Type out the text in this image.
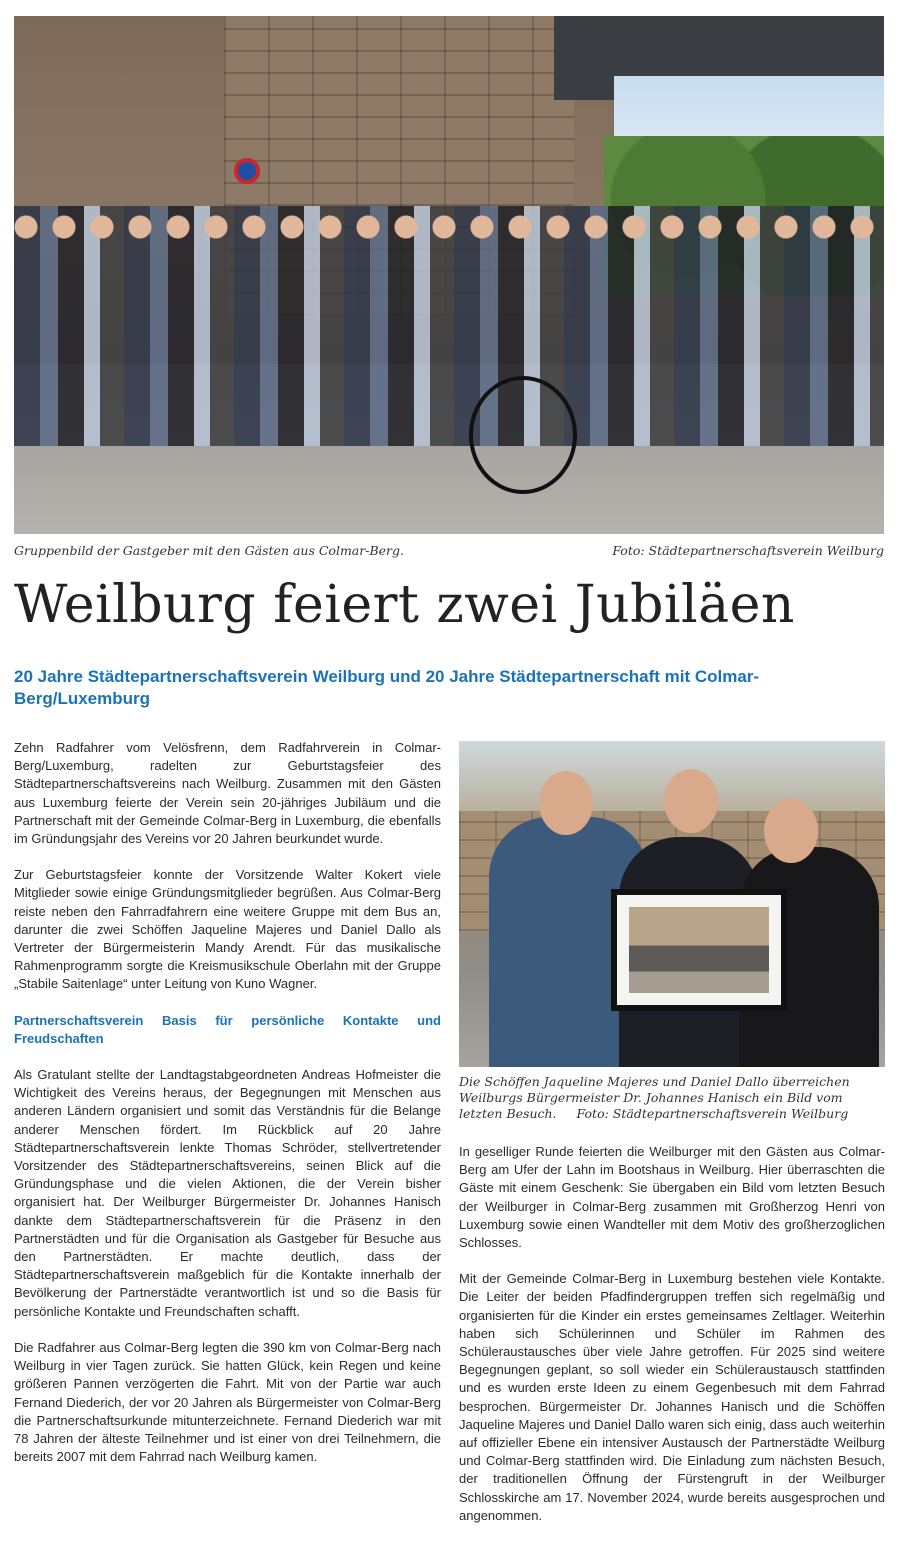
Gruppenbild der Gastgeber mit den Gästen aus Colmar-Berg.	Foto: Städtepartnerschaftsverein Weilburg
Weilburg feiert zwei Jubiläen
20 Jahre Städtepartnerschaftsverein Weilburg und 20 Jahre Städtepartnerschaft mit Colmar-Berg/Luxemburg

Zehn Radfahrer vom Velösfrenn, dem Radfahrverein in Colmar-Berg/Luxemburg, radelten zur Geburtstagsfeier des Städtepartnerschaftsvereins nach Weilburg. Zusammen mit den Gästen aus Luxemburg feierte der Verein sein 20-jähriges Jubiläum und die Partnerschaft mit der Gemeinde Colmar-Berg in Luxemburg, die ebenfalls im Gründungsjahr des Vereins vor 20 Jahren beurkundet wurde.

Zur Geburtstagsfeier konnte der Vorsitzende Walter Kokert viele Mitglieder sowie einige Gründungsmitglieder begrüßen. Aus Colmar-Berg reiste neben den Fahrradfahrern eine weitere Gruppe mit dem Bus an, darunter die zwei Schöffen Jaqueline Majeres und Daniel Dallo als Vertreter der Bürgermeisterin Mandy Arendt. Für das musikalische Rahmenprogramm sorgte die Kreismusikschule Oberlahn mit der Gruppe „Stabile Saitenlage“ unter Leitung von Kuno Wagner.

Partnerschaftsverein Basis für persönliche Kontakte und Freudschaften

Als Gratulant stellte der Landtagstabgeordneten Andreas Hofmeister die Wichtigkeit des Vereins heraus, der Begegnungen mit Menschen aus anderen Ländern organisiert und somit das Verständnis für die Belange anderer Menschen fördert. Im Rückblick auf 20 Jahre Städtepartnerschaftsverein lenkte Thomas Schröder, stellvertretender Vorsitzender des Städtepartnerschaftsvereins, seinen Blick auf die Gründungsphase und die vielen Aktionen, die der Verein bisher organisiert hat. Der Weilburger Bürgermeister Dr. Johannes Hanisch dankte dem Städtepartnerschaftsverein für die Präsenz in den Partnerstädten und für die Organisation als Gastgeber für Besuche aus den Partnerstädten. Er machte deutlich, dass der Städtepartnerschaftsverein maßgeblich für die Kontakte innerhalb der Bevölkerung der Partnerstädte verantwortlich ist und so die Basis für persönliche Kontakte und Freundschaften schafft.

Die Radfahrer aus Colmar-Berg legten die 390 km von Colmar-Berg nach Weilburg in vier Tagen zurück. Sie hatten Glück, kein Regen und keine größeren Pannen verzögerten die Fahrt. Mit von der Partie war auch Fernand Diederich, der vor 20 Jahren als Bürgermeister von Colmar-Berg die Partnerschaftsurkunde mitunterzeichnete. Fernand Diederich war mit 78 Jahren der älteste Teilnehmer und ist einer von drei Teilnehmern, die bereits 2007 mit dem Fahrrad nach Weilburg kamen.

Die Schöffen Jaqueline Majeres und Daniel Dallo überreichen Weilburgs Bürgermeister Dr. Johannes Hanisch ein Bild vom letzten Besuch. Foto: Städtepartnerschaftsverein Weilburg

In geselliger Runde feierten die Weilburger mit den Gästen aus Colmar-Berg am Ufer der Lahn im Bootshaus in Weilburg. Hier überraschten die Gäste mit einem Geschenk: Sie übergaben ein Bild vom letzten Besuch der Weilburger in Colmar-Berg zusammen mit Großherzog Henri von Luxemburg sowie einen Wandteller mit dem Motiv des großherzoglichen Schlosses.

Mit der Gemeinde Colmar-Berg in Luxemburg bestehen viele Kontakte. Die Leiter der beiden Pfadfindergruppen treffen sich regelmäßig und organisierten für die Kinder ein erstes gemeinsames Zeltlager. Weiterhin haben sich Schülerinnen und Schüler im Rahmen des Schüleraustausches über viele Jahre getroffen. Für 2025 sind weitere Begegnungen geplant, so soll wieder ein Schüleraustausch stattfinden und es wurden erste Ideen zu einem Gegenbesuch mit dem Fahrrad besprochen. Bürgermeister Dr. Johannes Hanisch und die Schöffen Jaqueline Majeres und Daniel Dallo waren sich einig, dass auch weiterhin auf offizieller Ebene ein intensiver Austausch der Partnerstädte Weilburg und Colmar-Berg stattfinden wird. Die Einladung zum nächsten Besuch, der traditionellen Öffnung der Fürstengruft in der Weilburger Schlosskirche am 17. November 2024, wurde bereits ausgesprochen und angenommen.
